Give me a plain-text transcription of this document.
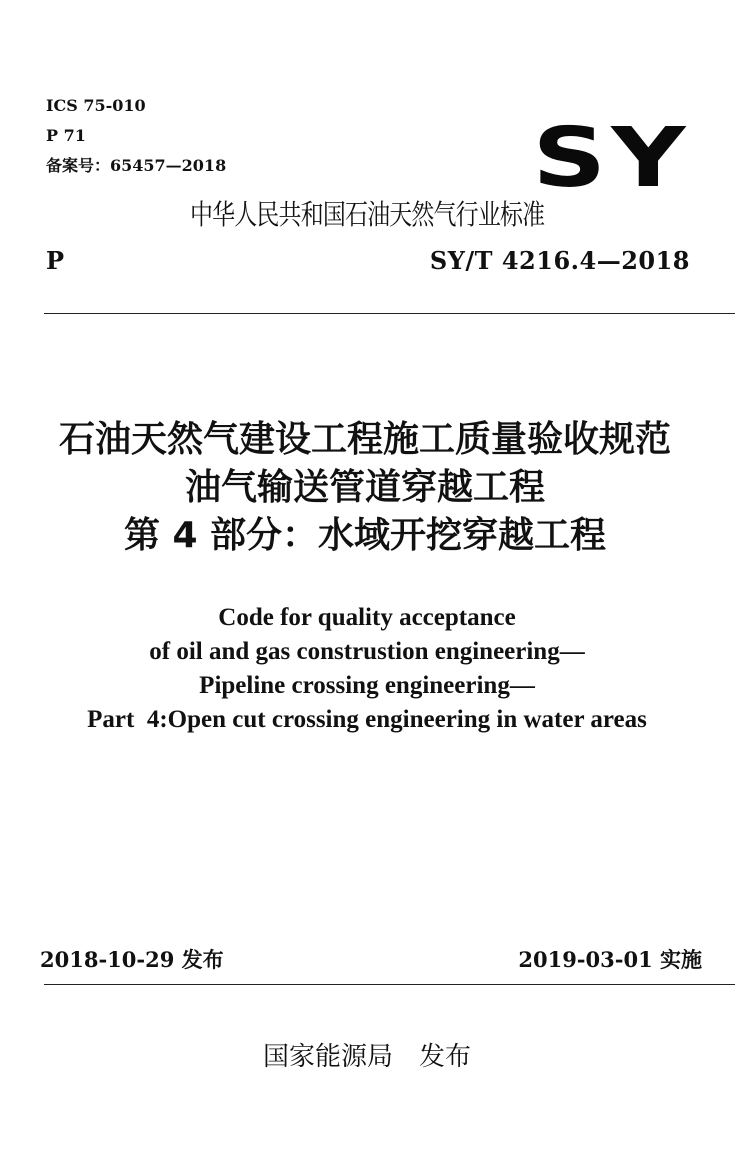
ICS 75-010
P 71
备案号：65457—2018	SY
中华人民共和国石油天然气行业标准
P	SY/T 4216.4—2018
石油天然气建设工程施工质量验收规范
油气输送管道穿越工程
第 4 部分：水域开挖穿越工程
Code for quality acceptance
of oil and gas construstion engineering—
Pipeline crossing engineering—
Part  4:Open cut crossing engineering in water areas
2018-10-29 发布	2019-03-01 实施
国家能源局 发布
